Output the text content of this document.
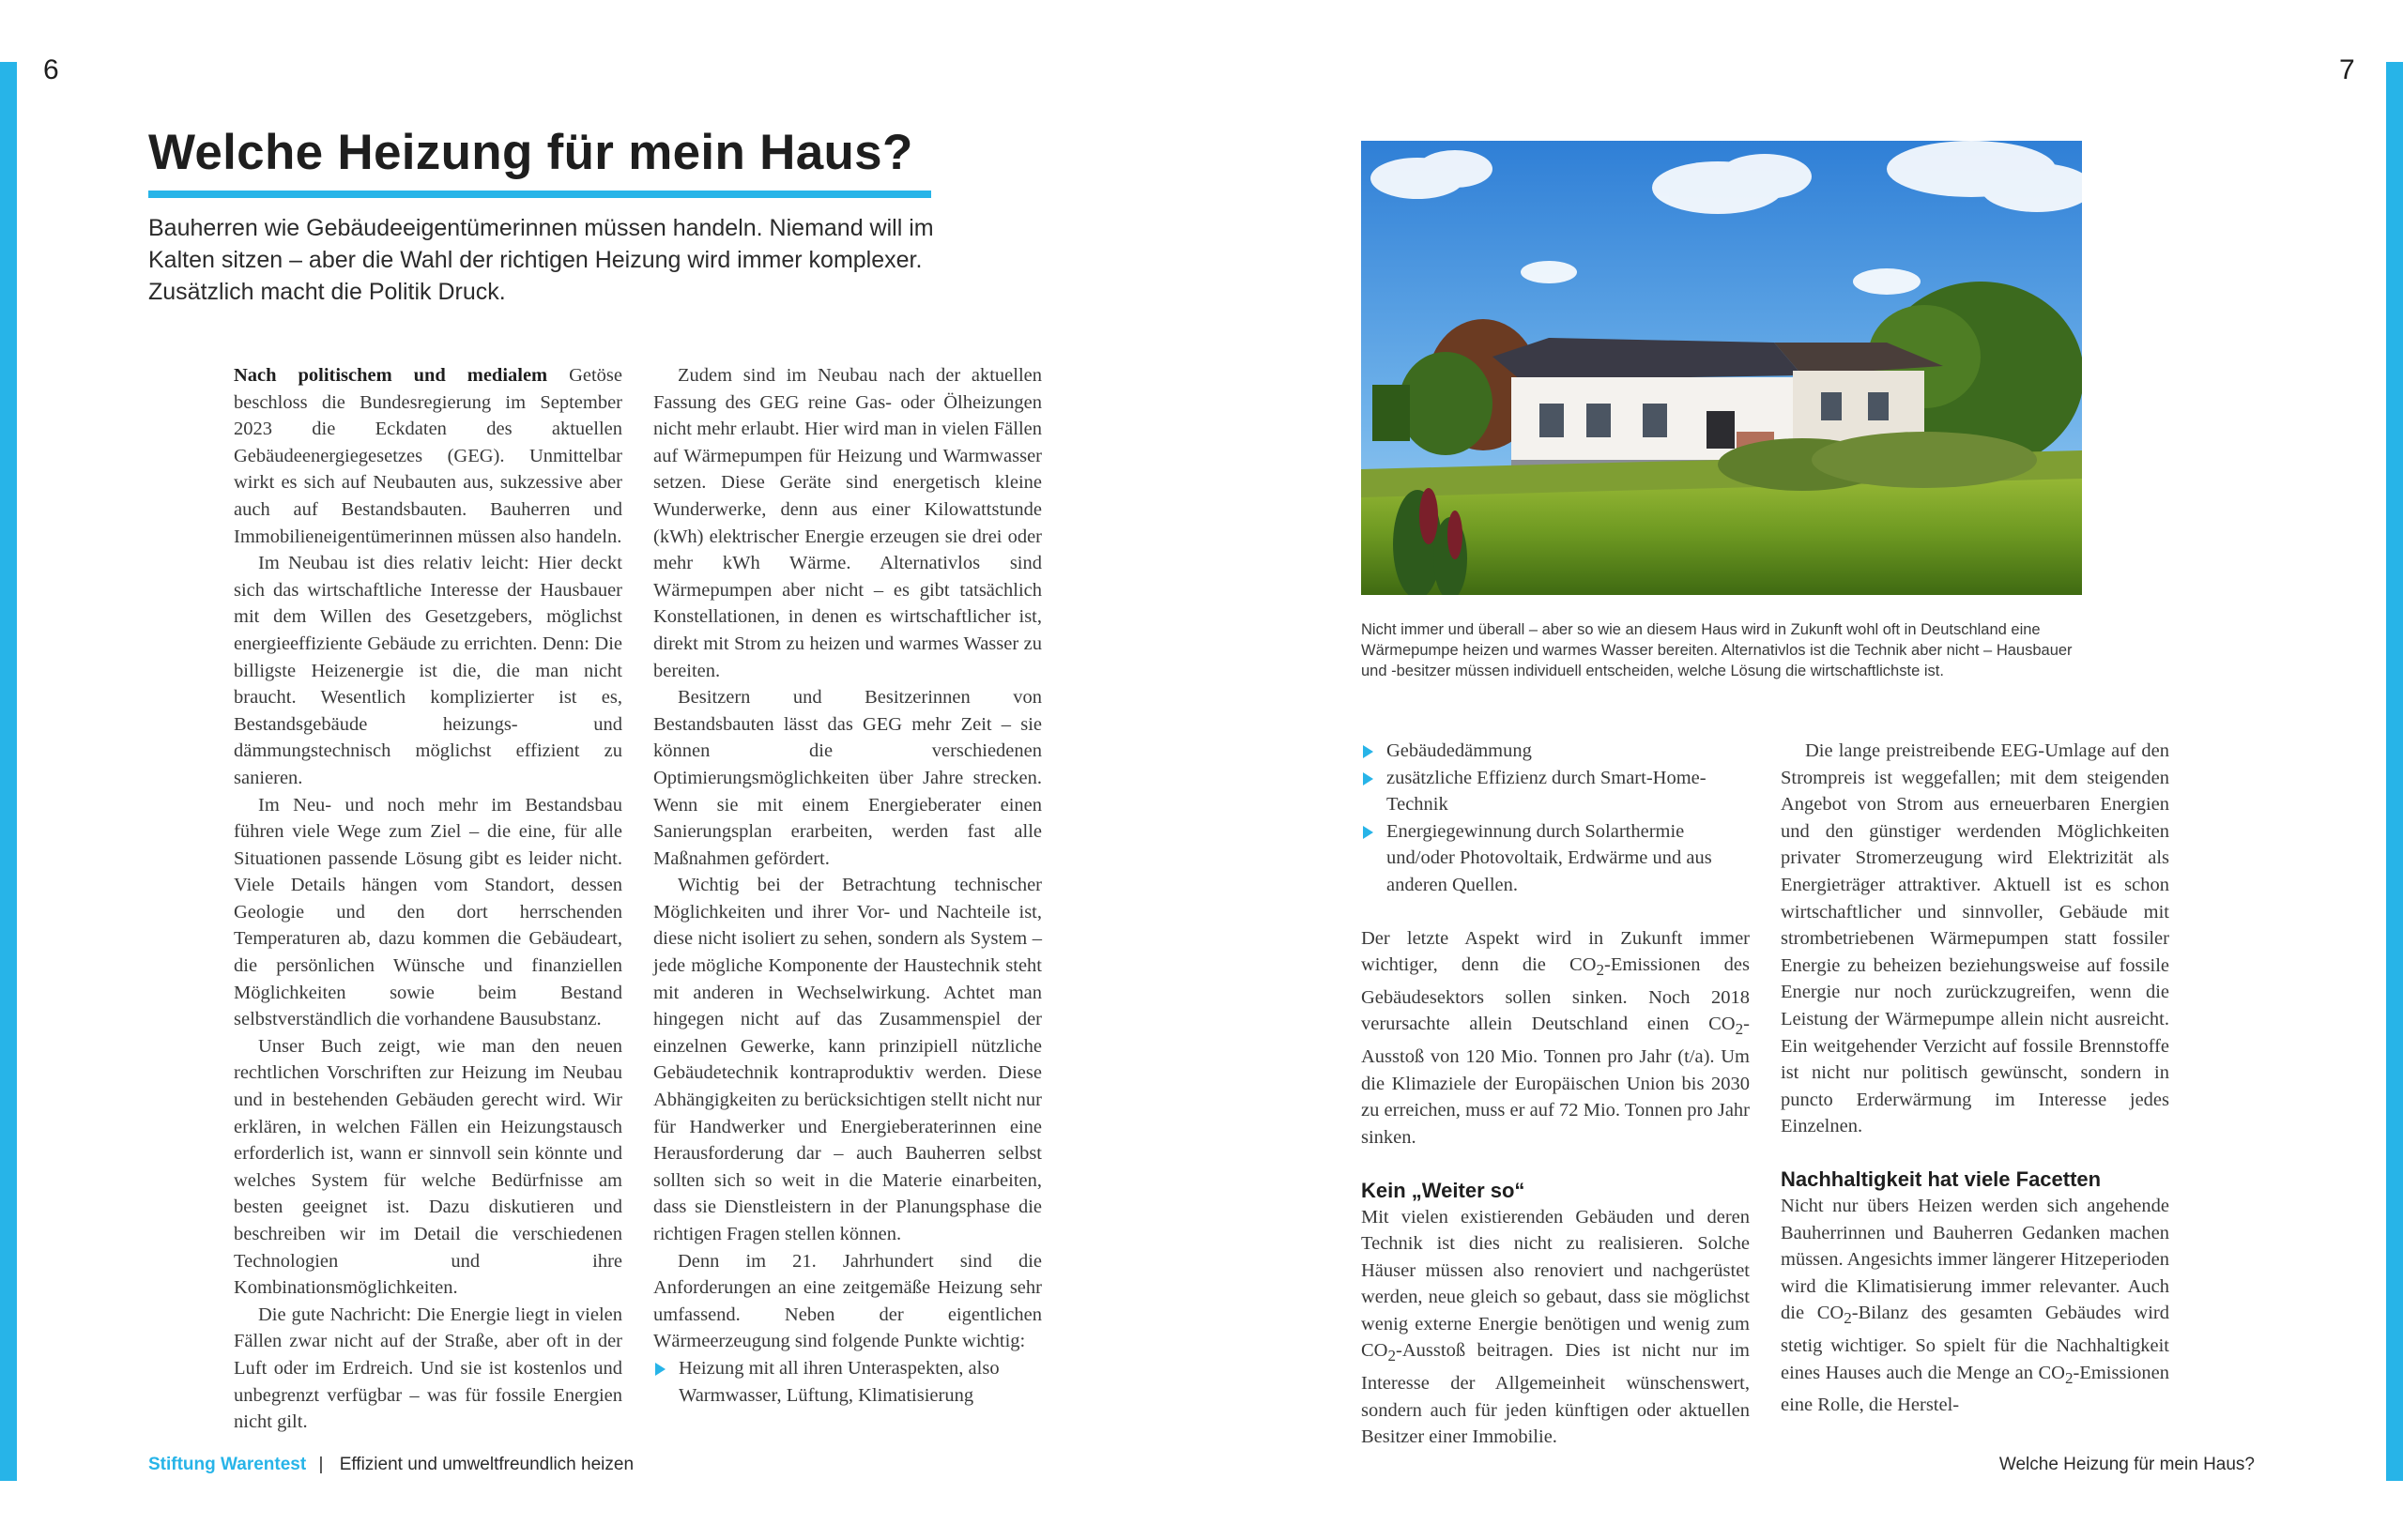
6	7
Welche Heizung für mein Haus?

Bauherren wie Gebäudeeigentümerinnen müssen handeln. Niemand will im Kalten sitzen – aber die Wahl der richtigen Heizung wird immer komplexer. Zusätzlich macht die Politik Druck.

Nach politischem und medialem Getöse beschloss die Bundesregierung im September 2023 die Eckdaten des aktuellen Gebäudeenergiegesetzes (GEG). Unmittelbar wirkt es sich auf Neubauten aus, sukzessive aber auch auf Bestandsbauten. Bauherren und Immobilieneigentümerinnen müssen also handeln.

Im Neubau ist dies relativ leicht: Hier deckt sich das wirtschaftliche Interesse der Hausbauer mit dem Willen des Gesetzgebers, möglichst energieeffiziente Gebäude zu errichten. Denn: Die billigste Heizenergie ist die, die man nicht braucht. Wesentlich komplizierter ist es, Bestandsgebäude heizungs- und dämmungstechnisch möglichst effizient zu sanieren.

Im Neu- und noch mehr im Bestandsbau führen viele Wege zum Ziel – die eine, für alle Situationen passende Lösung gibt es leider nicht. Viele Details hängen vom Standort, dessen Geologie und den dort herrschenden Temperaturen ab, dazu kommen die Gebäudeart, die persönlichen Wünsche und finanziellen Möglichkeiten sowie beim Bestand selbstverständlich die vorhandene Bausubstanz.

Unser Buch zeigt, wie man den neuen rechtlichen Vorschriften zur Heizung im Neubau und in bestehenden Gebäuden gerecht wird. Wir erklären, in welchen Fällen ein Heizungstausch erforderlich ist, wann er sinnvoll sein könnte und welches System für welche Bedürfnisse am besten geeignet ist. Dazu diskutieren und beschreiben wir im Detail die verschiedenen Technologien und ihre Kombinationsmöglichkeiten.

Die gute Nachricht: Die Energie liegt in vielen Fällen zwar nicht auf der Straße, aber oft in der Luft oder im Erdreich. Und sie ist kostenlos und unbegrenzt verfügbar – was für fossile Energien nicht gilt.

Zudem sind im Neubau nach der aktuellen Fassung des GEG reine Gas- oder Ölheizungen nicht mehr erlaubt. Hier wird man in vielen Fällen auf Wärmepumpen für Heizung und Warmwasser setzen. Diese Geräte sind energetisch kleine Wunderwerke, denn aus einer Kilowattstunde (kWh) elektrischer Energie erzeugen sie drei oder mehr kWh Wärme. Alternativlos sind Wärmepumpen aber nicht – es gibt tatsächlich Konstellationen, in denen es wirtschaftlicher ist, direkt mit Strom zu heizen und warmes Wasser zu bereiten.

Besitzern und Besitzerinnen von Bestandsbauten lässt das GEG mehr Zeit – sie können die verschiedenen Optimierungsmöglichkeiten über Jahre strecken. Wenn sie mit einem Energieberater einen Sanierungsplan erarbeiten, werden fast alle Maßnahmen gefördert.

Wichtig bei der Betrachtung technischer Möglichkeiten und ihrer Vor- und Nachteile ist, diese nicht isoliert zu sehen, sondern als System – jede mögliche Komponente der Haustechnik steht mit anderen in Wechselwirkung. Achtet man hingegen nicht auf das Zusammenspiel der einzelnen Gewerke, kann prinzipiell nützliche Gebäudetechnik kontraproduktiv werden. Diese Abhängigkeiten zu berücksichtigen stellt nicht nur für Handwerker und Energieberaterinnen eine Herausforderung dar – auch Bauherren selbst sollten sich so weit in die Materie einarbeiten, dass sie Dienstleistern in der Planungsphase die richtigen Fragen stellen können.

Denn im 21. Jahrhundert sind die Anforderungen an eine zeitgemäße Heizung sehr umfassend. Neben der eigentlichen Wärmeerzeugung sind folgende Punkte wichtig:

Heizung mit all ihren Unteraspekten, also Warmwasser, Lüftung, Klimatisierung

Nicht immer und überall – aber so wie an diesem Haus wird in Zukunft wohl oft in Deutschland eine Wärmepumpe heizen und warmes Wasser bereiten. Alternativlos ist die Technik aber nicht – Hausbauer und -besitzer müssen individuell entscheiden, welche Lösung die wirtschaftlichste ist.

Gebäudedämmung
zusätzliche Effizienz durch Smart-Home-Technik
Energiegewinnung durch Solarthermie und/oder Photovoltaik, Erdwärme und aus anderen Quellen.

Der letzte Aspekt wird in Zukunft immer wichtiger, denn die $CO_2$-Emissionen des Gebäudesektors sollen sinken. Noch 2018 verursachte allein Deutschland einen $CO_2$-Ausstoß von 120 Mio. Tonnen pro Jahr (t/a). Um die Klimaziele der Europäischen Union bis 2030 zu erreichen, muss er auf 72 Mio. Tonnen pro Jahr sinken.

Kein „Weiter so“

Mit vielen existierenden Gebäuden und deren Technik ist dies nicht zu realisieren. Solche Häuser müssen also renoviert und nachgerüstet werden, neue gleich so gebaut, dass sie möglichst wenig externe Energie benötigen und wenig zum $CO_2$-Ausstoß beitragen. Dies ist nicht nur im Interesse der Allgemeinheit wünschenswert, sondern auch für jeden künftigen oder aktuellen Besitzer einer Immobilie.

Die lange preistreibende EEG-Umlage auf den Strompreis ist weggefallen; mit dem steigenden Angebot von Strom aus erneuerbaren Energien und den günstiger werdenden Möglichkeiten privater Stromerzeugung wird Elektrizität als Energieträger attraktiver. Aktuell ist es schon wirtschaftlicher und sinnvoller, Gebäude mit strombetriebenen Wärmepumpen statt fossiler Energie zu beheizen beziehungsweise auf fossile Energie nur noch zurückzugreifen, wenn die Leistung der Wärmepumpe allein nicht ausreicht. Ein weitgehender Verzicht auf fossile Brennstoffe ist nicht nur politisch gewünscht, sondern in puncto Erderwärmung im Interesse jedes Einzelnen.

Nachhaltigkeit hat viele Facetten

Nicht nur übers Heizen werden sich angehende Bauherrinnen und Bauherren Gedanken machen müssen. Angesichts immer längerer Hitzeperioden wird die Klimatisierung immer relevanter. Auch die $CO_2$-Bilanz des gesamten Gebäudes wird stetig wichtiger. So spielt für die Nachhaltigkeit eines Hauses auch die Menge an $CO_2$-Emissionen eine Rolle, die Herstel-

Stiftung Warentest | Effizient und umweltfreundlich heizen	Welche Heizung für mein Haus?
